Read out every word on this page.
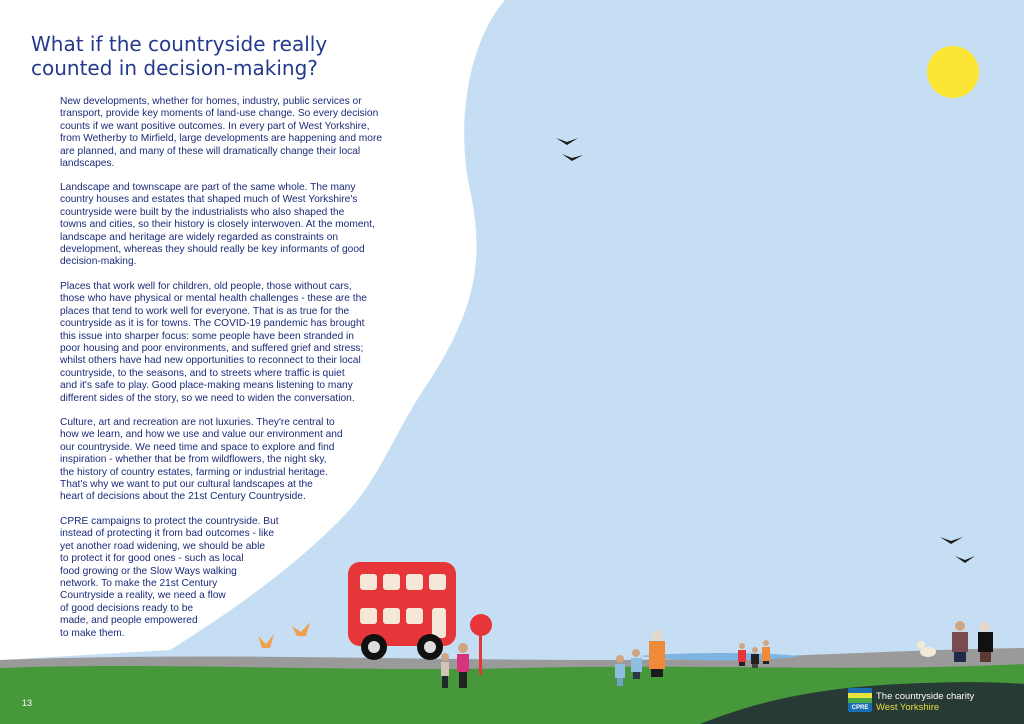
What if the countryside really
counted in decision-making?
New developments, whether for homes, industry, public services or
transport, provide key moments of land-use change. So every decision
counts if we want positive outcomes. In every part of West Yorkshire,
from Wetherby to Mirfield, large developments are happening and more
are planned, and many of these will dramatically change their local
landscapes.
Landscape and townscape are part of the same whole. The many
country houses and estates that shaped much of West Yorkshire's
countryside were built by the industrialists who also shaped the
towns and cities, so their history is closely interwoven. At the moment,
landscape and heritage are widely regarded as constraints on
development, whereas they should really be key informants of good
decision-making.
Places that work well for children, old people, those without cars,
those who have physical or mental health challenges - these are the
places that tend to work well for everyone. That is as true for the
countryside as it is for towns. The COVID-19 pandemic has brought
this issue into sharper focus: some people have been stranded in
poor housing and poor environments, and suffered grief and stress;
whilst others have had new opportunities to reconnect to their local
countryside, to the seasons, and to streets where traffic is quiet
and it's safe to play. Good place-making means listening to many
different sides of the story, so we need to widen the conversation.
Culture, art and recreation are not luxuries. They're central to
how we learn, and how we use and value our environment and
our countryside. We need time and space to explore and find
inspiration - whether that be from wildflowers, the night sky,
the history of country estates, farming or industrial heritage.
That's why we want to put our cultural landscapes at the
heart of decisions about the 21st Century Countryside.
CPRE campaigns to protect the countryside. But
instead of protecting it from bad outcomes - like
yet another road widening, we should be able
to protect it for good ones - such as local
food growing or the Slow Ways walking
network. To make the 21st Century
Countryside a reality, we need a flow
of good decisions ready to be
made, and people empowered
to make them.
13	CPRE
The countryside charity
West Yorkshire
